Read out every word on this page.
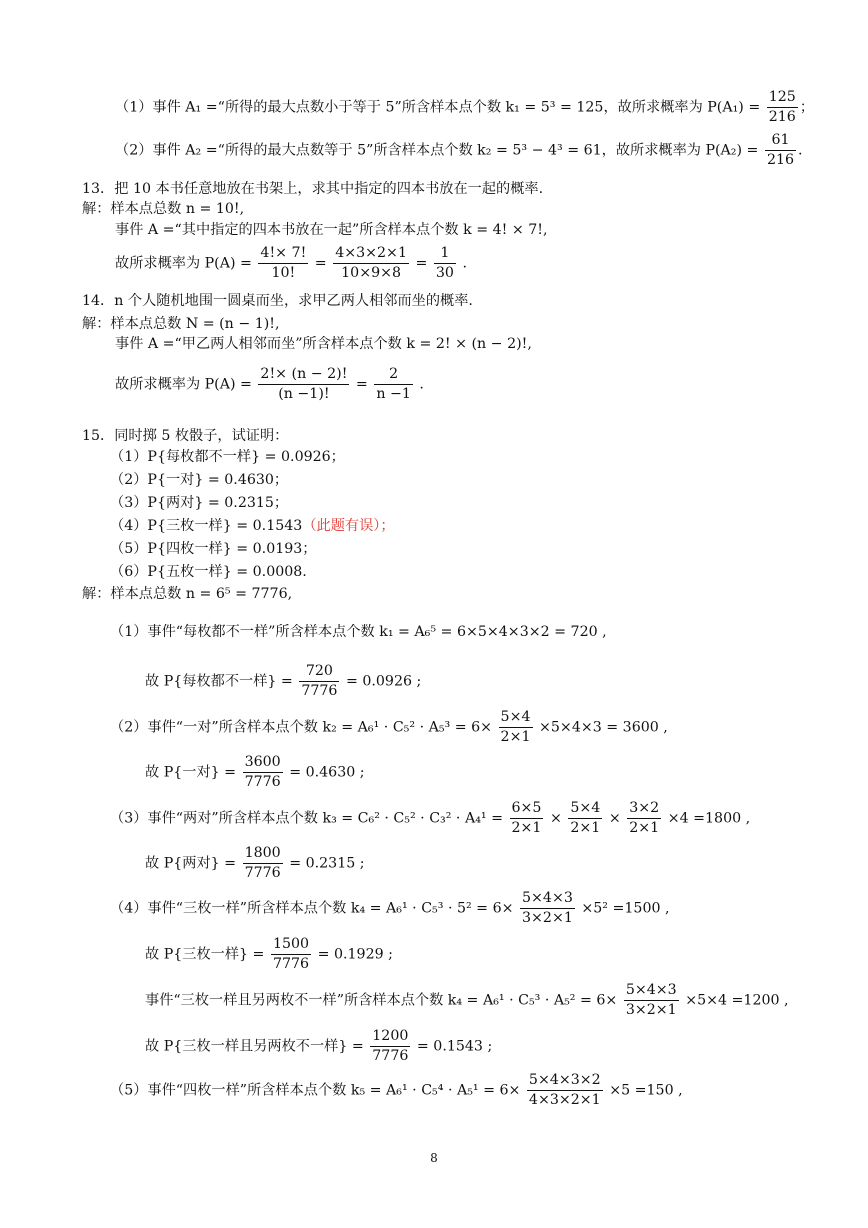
（1）事件 A₁ =“所得的最大点数小于等于 5”所含样本点个数 k₁ = 5³ = 125，故所求概率为 $P(A_1) = \frac{125}{216}$ ；
（2）事件 A₂ =“所得的最大点数等于 5”所含样本点个数 k₂ = 5³ − 4³ = 61，故所求概率为 $P(A_2) = \frac{61}{216}$ .
13．把 10 本书任意地放在书架上，求其中指定的四本书放在一起的概率.
解：样本点总数 n = 10!,
事件 A =“其中指定的四本书放在一起”所含样本点个数 k = 4! × 7!,
故所求概率为 $P(A) = \frac{4!\times 7!}{10!} = \frac{4\times 3\times 2\times 1}{10\times 9\times 8} = \frac{1}{30}$ .
14．n 个人随机地围一圆桌而坐，求甲乙两人相邻而坐的概率.
解：样本点总数 N = (n − 1)!,
事件 A =“甲乙两人相邻而坐”所含样本点个数 k = 2! × (n − 2)!,
故所求概率为 $P(A) = \frac{2!\times (n - 2)!}{(n -1)!} = \frac{2}{n -1}$ .
15．同时掷 5 枚骰子，试证明：
（1）P{每枚都不一样} = 0.0926；
（2）P{一对} = 0.4630；
（3）P{两对} = 0.2315；
（4）P{三枚一样} = 0.1543（此题有误）；
（5）P{四枚一样} = 0.0193；
（6）P{五枚一样} = 0.0008.
解：样本点总数 n = 6⁵ = 7776,
（1）事件“每枚都不一样”所含样本点个数 k₁ = A₆⁵ = 6×5×4×3×2 = 720 ,
故 P{每枚都不一样} = $\frac{720}{7776} = 0.0926$ ;
（2）事件“一对”所含样本点个数 $k_2 = A_6^1 \cdot C_5^2 \cdot A_5^3 = 6\times \frac{5\times 4}{2\times 1} \times 5\times 4\times 3 = 3600$ ,
故 P{一对} = $\frac{3600}{7776} = 0.4630$ ;
（3）事件“两对”所含样本点个数 $k_3 = C_6^2 \cdot C_5^2 \cdot C_3^2 \cdot A_4^1 = \frac{6\times 5}{2\times 1} \times \frac{5\times 4}{2\times 1} \times \frac{3\times 2}{2\times 1} \times 4 =1800$ ,
故 P{两对} = $\frac{1800}{7776} = 0.2315$ ;
（4）事件“三枚一样”所含样本点个数 $k_4 = A_6^1 \cdot C_5^3 \cdot 5^2 = 6\times \frac{5\times 4\times 3}{3\times 2\times 1} \times 5^2 =1500$ ,
故 P{三枚一样} = $\frac{1500}{7776} = 0.1929$ ;
事件“三枚一样且另两枚不一样”所含样本点个数 $k_4 = A_6^1 \cdot C_5^3 \cdot A_5^2 = 6\times \frac{5\times 4\times 3}{3\times 2\times 1} \times 5\times 4 =1200$ ,
故 P{三枚一样且另两枚不一样} = $\frac{1200}{7776} = 0.1543$ ;
（5）事件“四枚一样”所含样本点个数 $k_5 = A_6^1 \cdot C_5^4 \cdot A_5^1 = 6\times \frac{5\times 4\times 3\times 2}{4\times 3\times 2\times 1} \times 5 =150$ ,
8
